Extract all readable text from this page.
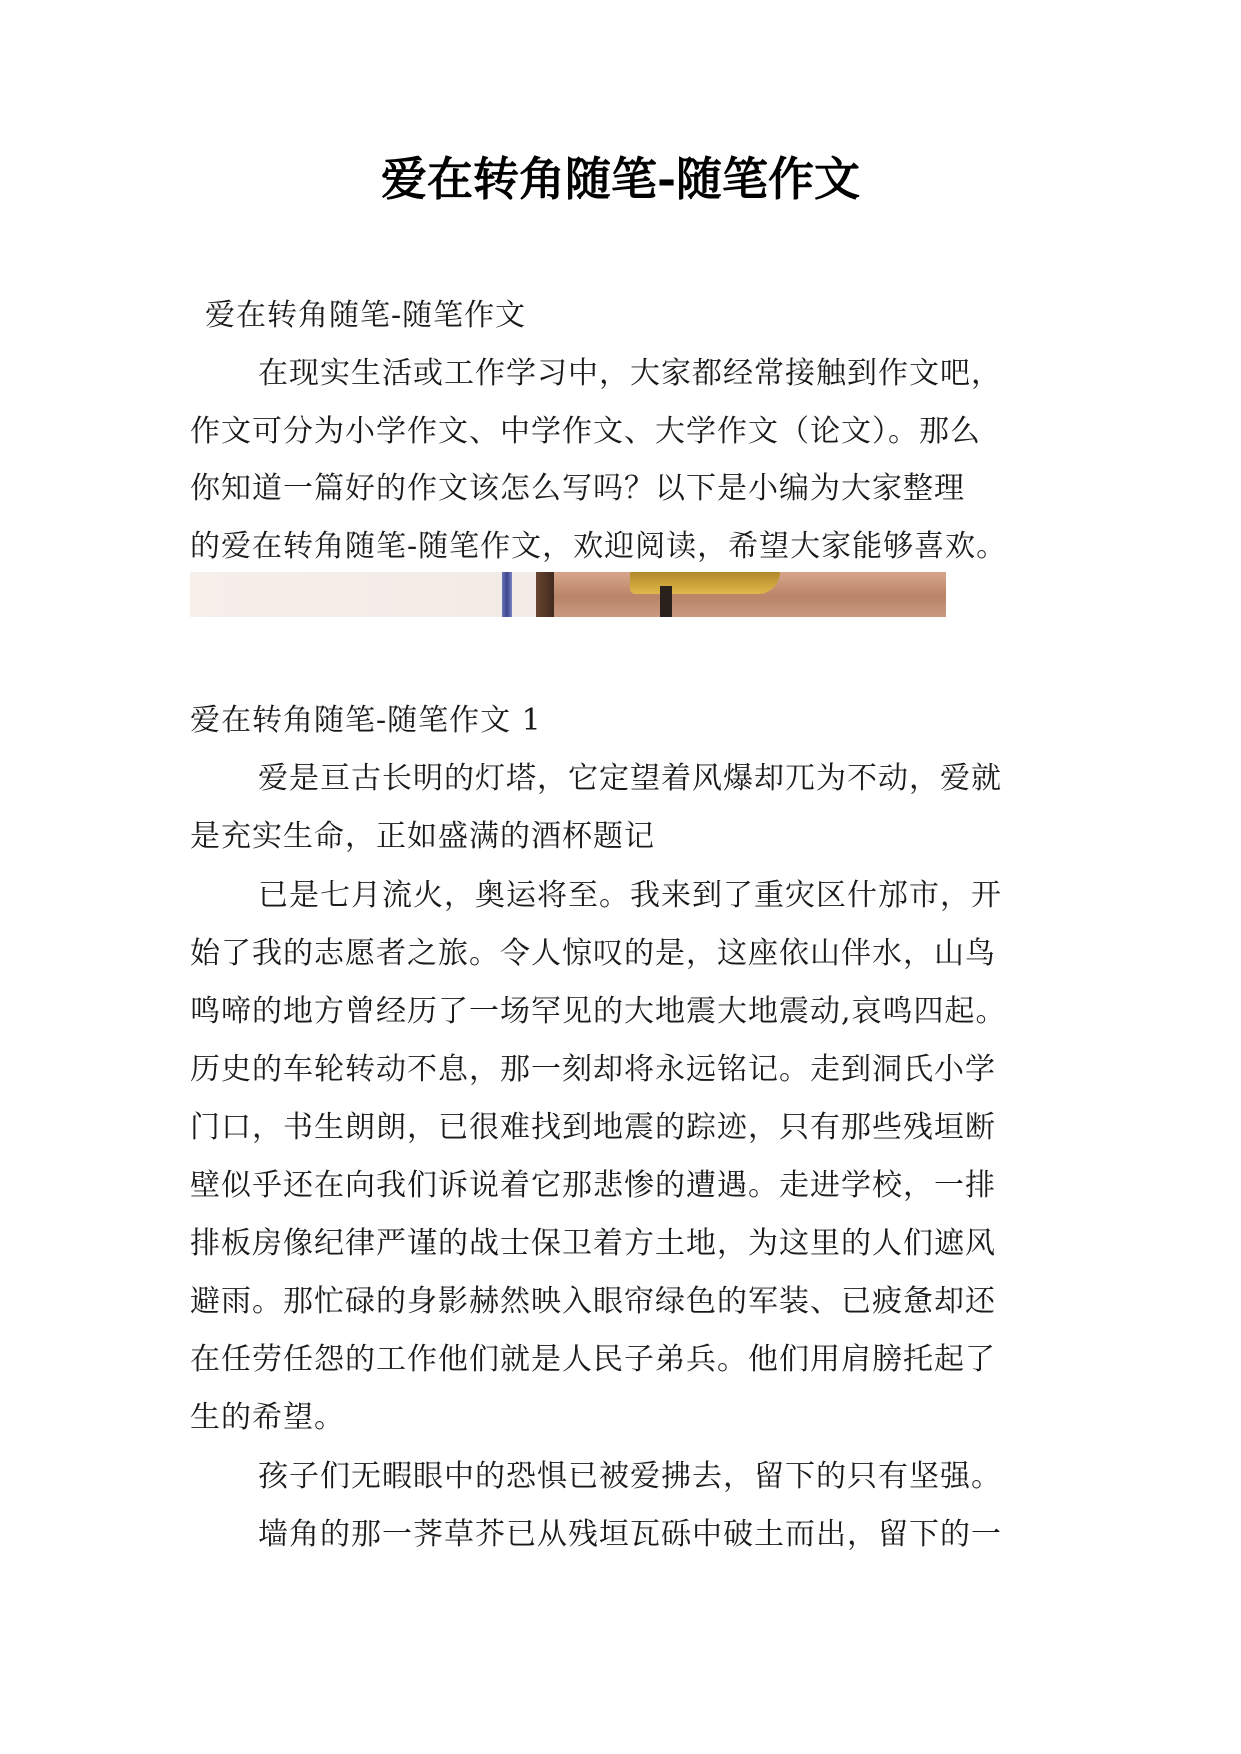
爱在转角随笔-随笔作文
爱在转角随笔-随笔作文
在现实生活或工作学习中，大家都经常接触到作文吧，
作文可分为小学作文、中学作文、大学作文（论文）。那么
你知道一篇好的作文该怎么写吗？以下是小编为大家整理
的爱在转角随笔-随笔作文，欢迎阅读，希望大家能够喜欢。
爱在转角随笔-随笔作文 1
爱是亘古长明的灯塔，它定望着风爆却兀为不动，爱就
是充实生命，正如盛满的酒杯题记
已是七月流火，奥运将至。我来到了重灾区什邡市，开
始了我的志愿者之旅。令人惊叹的是，这座依山伴水，山鸟
鸣啼的地方曾经历了一场罕见的大地震大地震动,哀鸣四起。
历史的车轮转动不息，那一刻却将永远铭记。走到洞氏小学
门口，书生朗朗，已很难找到地震的踪迹，只有那些残垣断
壁似乎还在向我们诉说着它那悲惨的遭遇。走进学校，一排
排板房像纪律严谨的战士保卫着方土地，为这里的人们遮风
避雨。那忙碌的身影赫然映入眼帘绿色的军装、已疲惫却还
在任劳任怨的工作他们就是人民子弟兵。他们用肩膀托起了
生的希望。
孩子们无暇眼中的恐惧已被爱拂去，留下的只有坚强。
墙角的那一荠草芥已从残垣瓦砾中破土而出，留下的一
